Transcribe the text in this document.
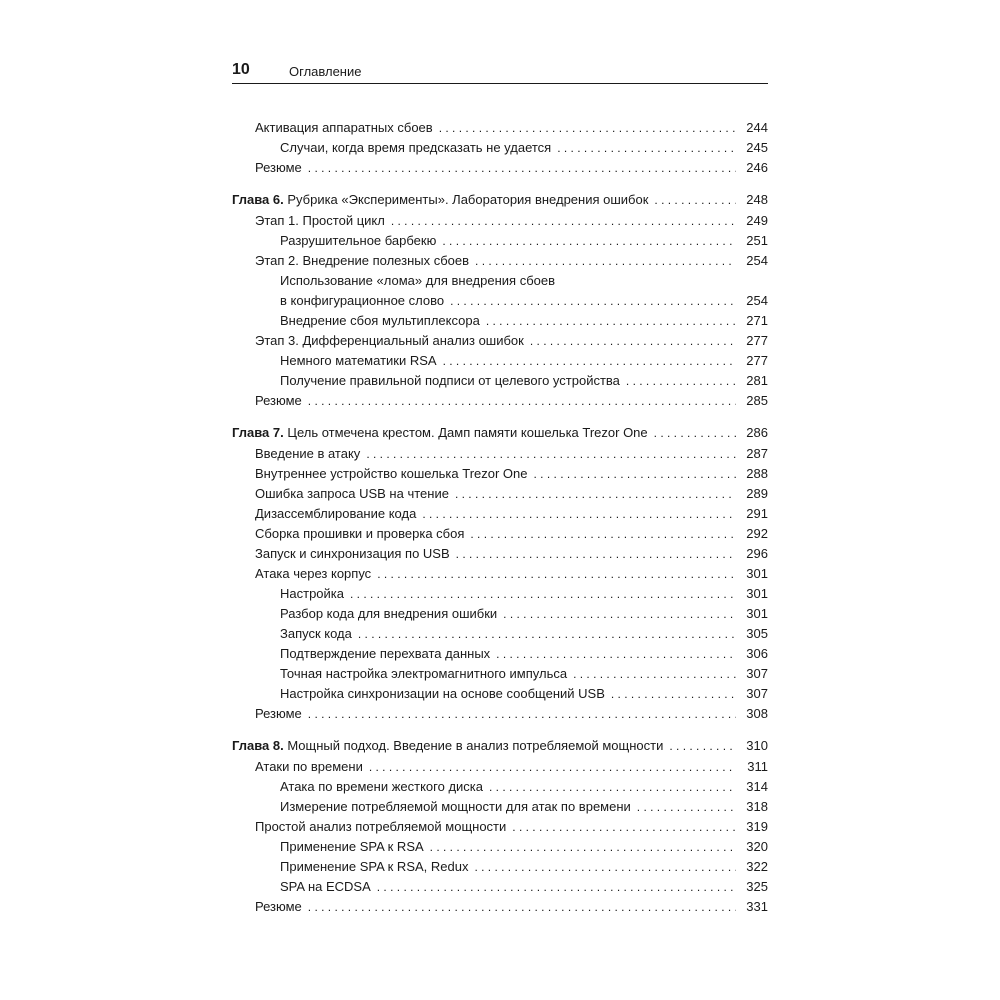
10	Оглавление
Активация аппаратных сбоев . . .	244
Случаи, когда время предсказать не удается . . .	245
Резюме . . .	246
Глава 6. Рубрика «Эксперименты». Лаборатория внедрения ошибок . . .	248
Этап 1. Простой цикл . . .	249
Разрушительное барбекю . . .	251
Этап 2. Внедрение полезных сбоев . . .	254
Использование «лома» для внедрения сбоев
в конфигурационное слово . . .	254
Внедрение сбоя мультиплексора . . .	271
Этап 3. Дифференциальный анализ ошибок . . .	277
Немного математики RSA . . .	277
Получение правильной подписи от целевого устройства . . .	281
Резюме . . .	285
Глава 7. Цель отмечена крестом. Дамп памяти кошелька Trezor One . . .	286
Введение в атаку . . .	287
Внутреннее устройство кошелька Trezor One . . .	288
Ошибка запроса USB на чтение . . .	289
Дизассемблирование кода . . .	291
Сборка прошивки и проверка сбоя . . .	292
Запуск и синхронизация по USB . . .	296
Атака через корпус . . .	301
Настройка . . .	301
Разбор кода для внедрения ошибки . . .	301
Запуск кода . . .	305
Подтверждение перехвата данных . . .	306
Точная настройка электромагнитного импульса . . .	307
Настройка синхронизации на основе сообщений USB . . .	307
Резюме . . .	308
Глава 8. Мощный подход. Введение в анализ потребляемой мощности . . .	310
Атаки по времени . . .	311
Атака по времени жесткого диска . . .	314
Измерение потребляемой мощности для атак по времени . . .	318
Простой анализ потребляемой мощности . . .	319
Применение SPA к RSA . . .	320
Применение SPA к RSA, Redux . . .	322
SPA на ECDSA . . .	325
Резюме . . .	331
